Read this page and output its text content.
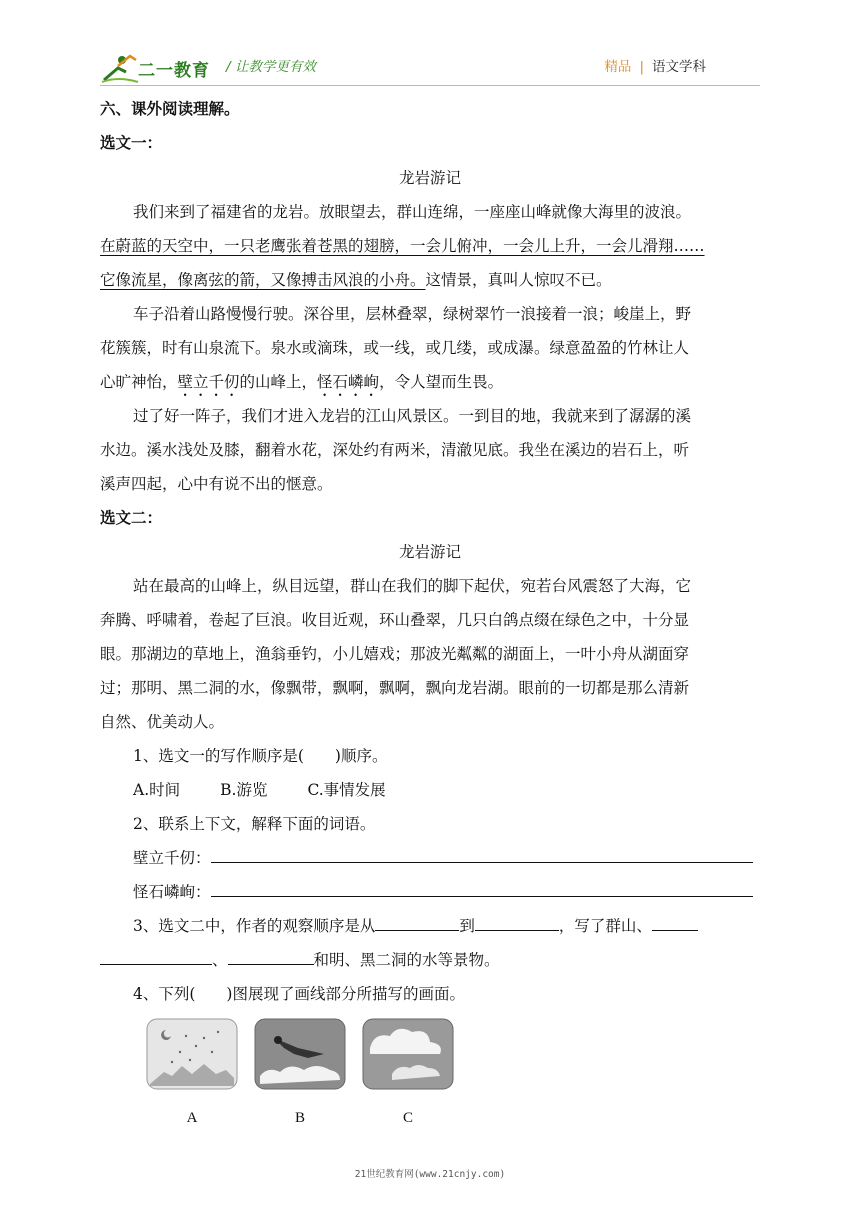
二一教育 / 让教学更有效	精品 | 语文学科
六、课外阅读理解。
选文一：
龙岩游记
我们来到了福建省的龙岩。放眼望去，群山连绵，一座座山峰就像大海里的波浪。
在蔚蓝的天空中，一只老鹰张着苍黑的翅膀，一会儿俯冲，一会儿上升，一会儿滑翔……
它像流星，像离弦的箭，又像搏击风浪的小舟。这情景，真叫人惊叹不已。
车子沿着山路慢慢行驶。深谷里，层林叠翠，绿树翠竹一浪接着一浪；峻崖上，野
花簇簇，时有山泉流下。泉水或滴珠，或一线，或几缕，或成瀑。绿意盈盈的竹林让人
心旷神怡，壁立千仞的山峰上，怪石嶙峋，令人望而生畏。
过了好一阵子，我们才进入龙岩的江山风景区。一到目的地，我就来到了潺潺的溪
水边。溪水浅处及膝，翻着水花，深处约有两米，清澈见底。我坐在溪边的岩石上，听
溪声四起，心中有说不出的惬意。
选文二：
龙岩游记
站在最高的山峰上，纵目远望，群山在我们的脚下起伏，宛若台风震怒了大海，它
奔腾、呼啸着，卷起了巨浪。收目近观，环山叠翠，几只白鸽点缀在绿色之中，十分显
眼。那湖边的草地上，渔翁垂钓，小儿嬉戏；那波光粼粼的湖面上，一叶小舟从湖面穿
过；那明、黑二洞的水，像飘带，飘啊，飘啊，飘向龙岩湖。眼前的一切都是那么清新
自然、优美动人。
1、选文一的写作顺序是(　　)顺序。
A.时间	B.游览	C.事情发展
2、联系上下文，解释下面的词语。
壁立千仞：
怪石嶙峋：
3、选文二中，作者的观察顺序是从	到	，写了群山、
、	和明、黑二洞的水等景物。
4、下列(　　)图展现了画线部分所描写的画面。
A	B	C
21世纪教育网(www.21cnjy.com)
